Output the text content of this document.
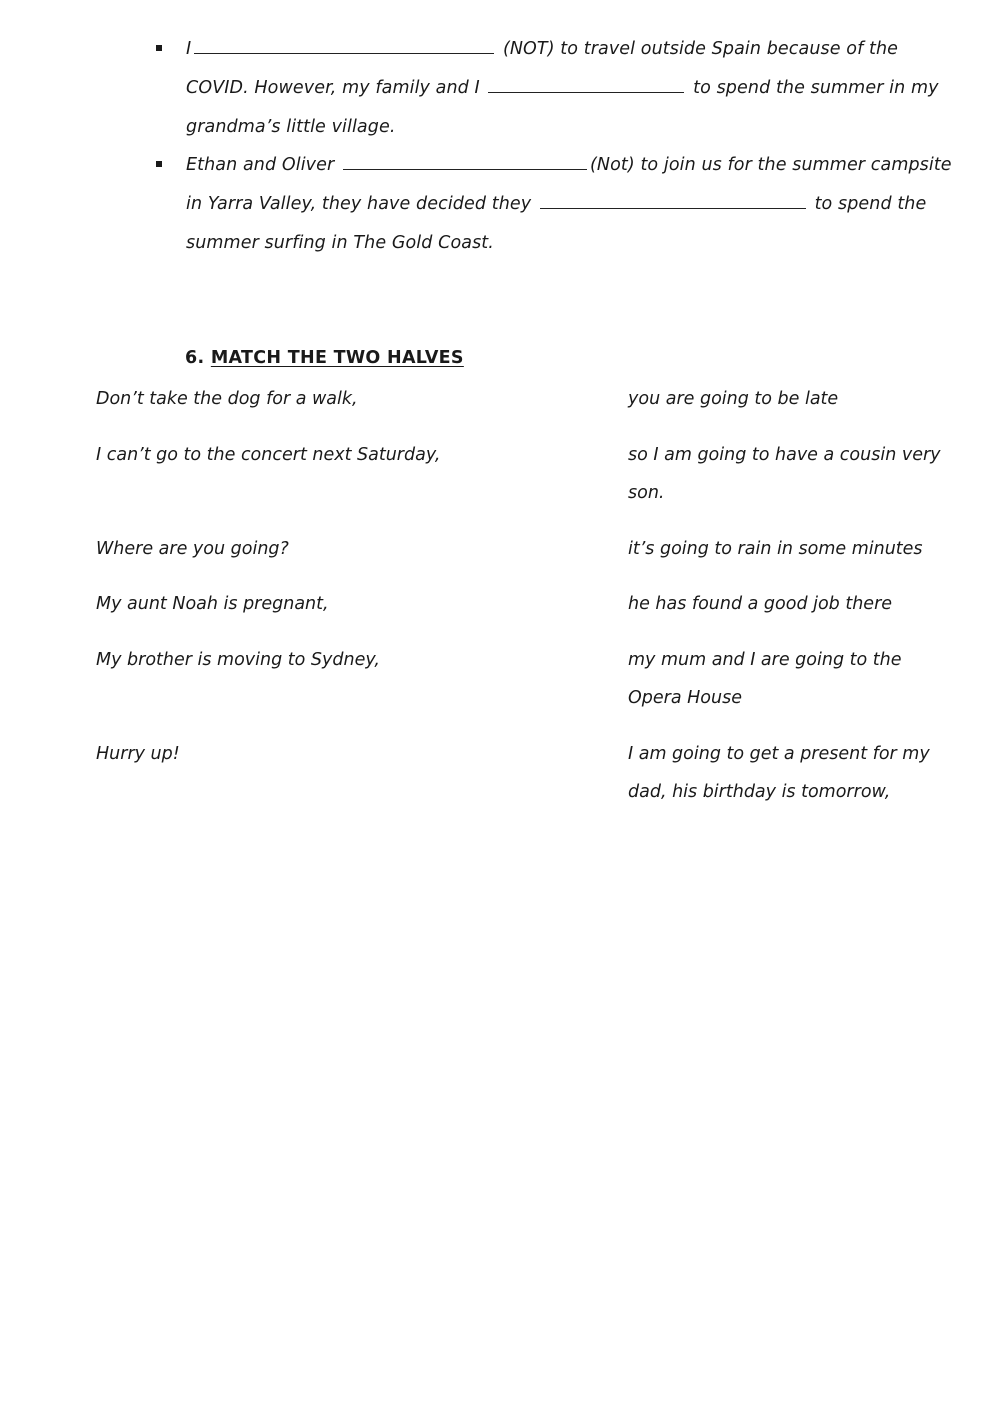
I	(NOT) to travel outside Spain because of the
COVID. However, my family and I	to spend the summer in my
grandma’s little village.
Ethan and Oliver	(Not) to join us for the summer campsite
in Yarra Valley, they have decided they	to spend the
summer surfing in The Gold Coast.
6. MATCH THE TWO HALVES
Don’t take the dog for a walk,	you are going to be late
I can’t go to the concert next Saturday,	so I am going to have a cousin very son.
Where are you going?	it’s going to rain in some minutes
My aunt Noah is pregnant,	he has found a good job there
My brother is moving to Sydney,	my mum and I are going to the Opera House
Hurry up!	I am going to get a present for my dad, his birthday is tomorrow,
